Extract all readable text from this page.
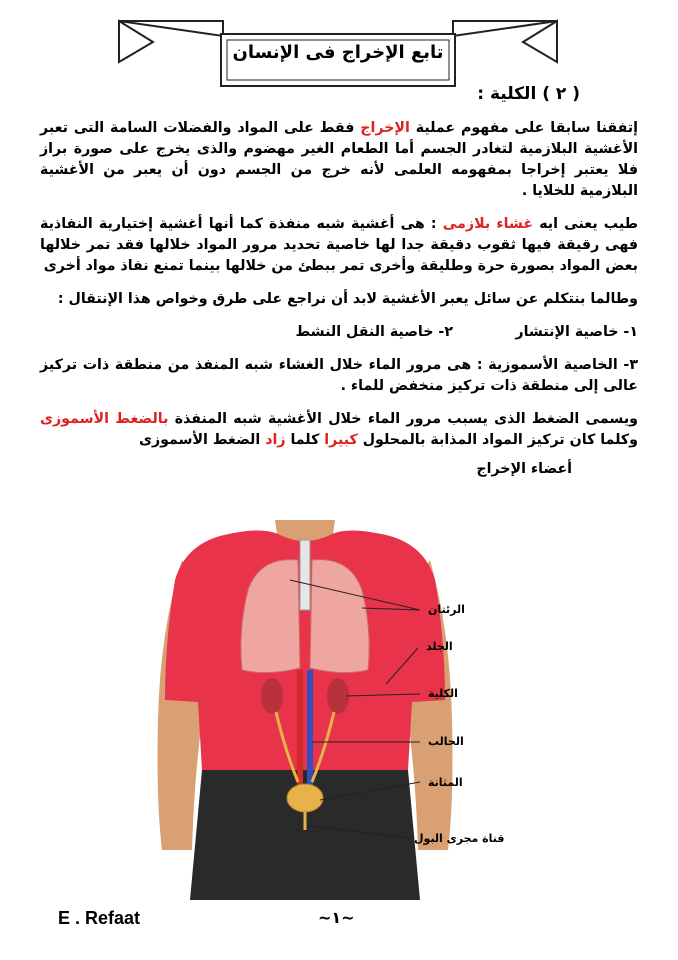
تابع الإخراج فى الإنسان
( ٢ ) الكلية :

إتفقنا سابقا على مفهوم عملية الإخراج فقط على المواد والفضلات السامة التى تعبر الأغشية البلازمية لتغادر الجسم أما الطعام الغير مهضوم والذى يخرج على صورة براز فلا يعتبر إخراجا بمفهومه العلمى لأنه خرج من الجسم دون أن يعبر من الأغشية البلازمية للخلايا .

طيب يعنى ايه غشاء بلازمى : هى أغشية شبه منفذة كما أنها أغشية إختيارية النفاذية فهى رقيقة فيها ثقوب دقيقة جدا لها خاصية تحديد مرور المواد خلالها فقد تمر خلالها بعض المواد بصورة حرة وطليقة وأخرى تمر ببطئ من خلالها بينما تمنع نفاذ مواد أخرى

وطالما بنتكلم عن سائل يعبر الأغشية لابد أن نراجع على طرق وخواص هذا الإنتقال :

١- خاصية الإنتشار
٢- خاصية النقل النشط

٣- الخاصية الأسموزية : هى مرور الماء خلال الغشاء شبه المنفذ من منطقة ذات تركيز عالى إلى منطقة ذات تركيز منخفض للماء .

ويسمى الضغط الذى يسبب مرور الماء خلال الأغشية شبه المنفذة بالضغط الأسموزى وكلما كان تركيز المواد المذابة بالمحلول كبيرا كلما زاد الضغط الأسموزى

أعضاء الإخراج
الرئتان
الجلد
الكلية
الحالب
المثانة
قناة مجرى البول
E . Refaat	~١~
